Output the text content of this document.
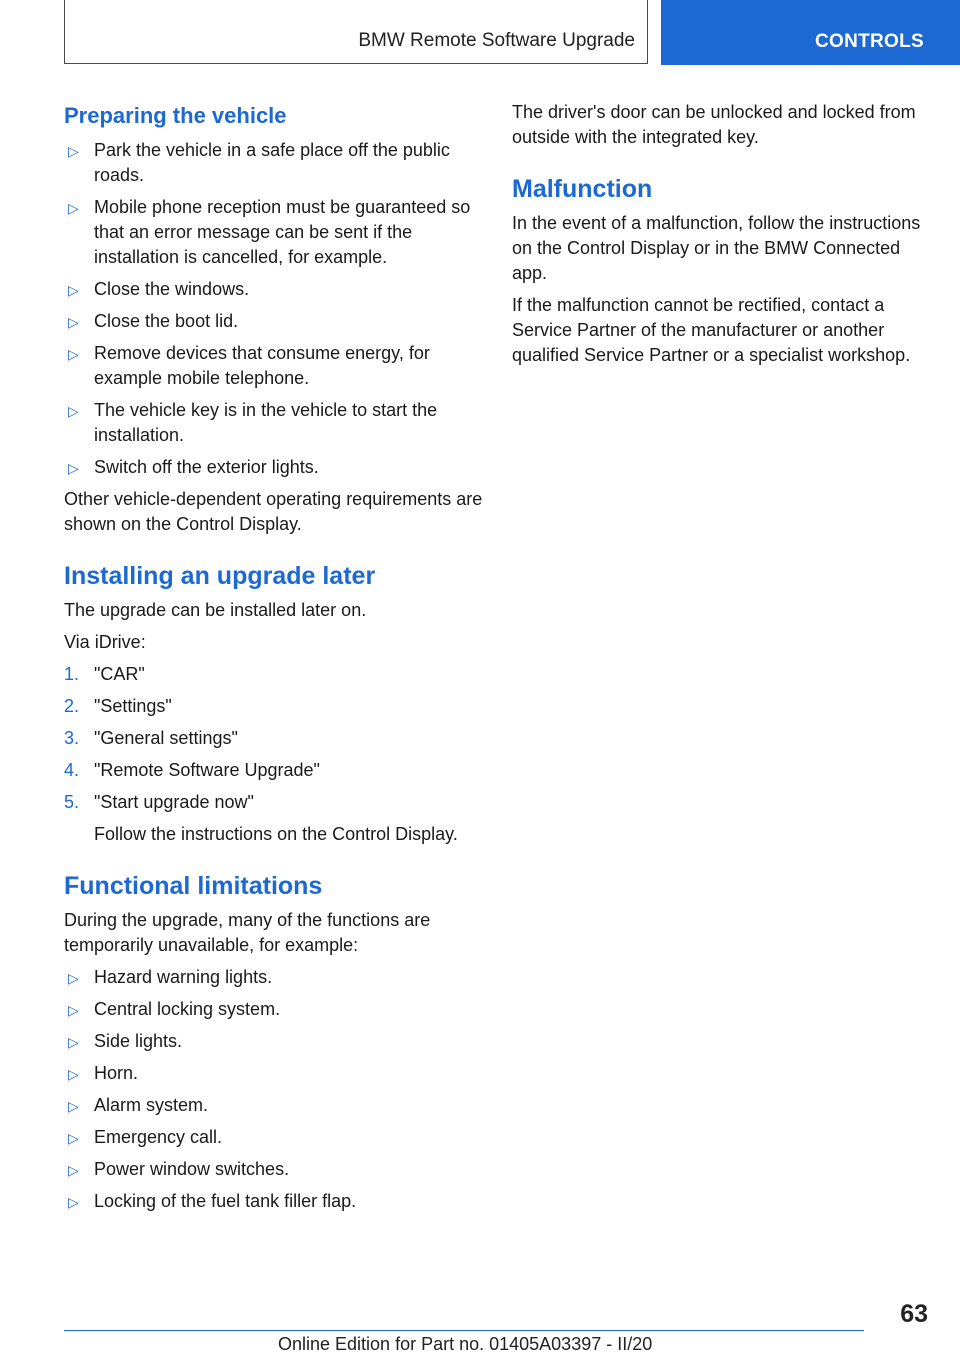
BMW Remote Software Upgrade	CONTROLS
Preparing the vehicle
▷ Park the vehicle in a safe place off the public roads.
▷ Mobile phone reception must be guaranteed so that an error message can be sent if the installation is cancelled, for example.
▷ Close the windows.
▷ Close the boot lid.
▷ Remove devices that consume energy, for example mobile telephone.
▷ The vehicle key is in the vehicle to start the installation.
▷ Switch off the exterior lights.

Other vehicle-dependent operating requirements are shown on the Control Display.

Installing an upgrade later

The upgrade can be installed later on.

Via iDrive:

1. "CAR"
2. "Settings"
3. "General settings"
4. "Remote Software Upgrade"
5. "Start upgrade now"
Follow the instructions on the Control Display.
Functional limitations

During the upgrade, many of the functions are temporarily unavailable, for example:

▷ Hazard warning lights.
▷ Central locking system.
▷ Side lights.
▷ Horn.
▷ Alarm system.
▷ Emergency call.
▷ Power window switches.
▷ Locking of the fuel tank filler flap.

The driver's door can be unlocked and locked from outside with the integrated key.

Malfunction

In the event of a malfunction, follow the instructions on the Control Display or in the BMW Connected app.

If the malfunction cannot be rectified, contact a Service Partner of the manufacturer or another qualified Service Partner or a specialist workshop.

63
Online Edition for Part no. 01405A03397 - II/20
